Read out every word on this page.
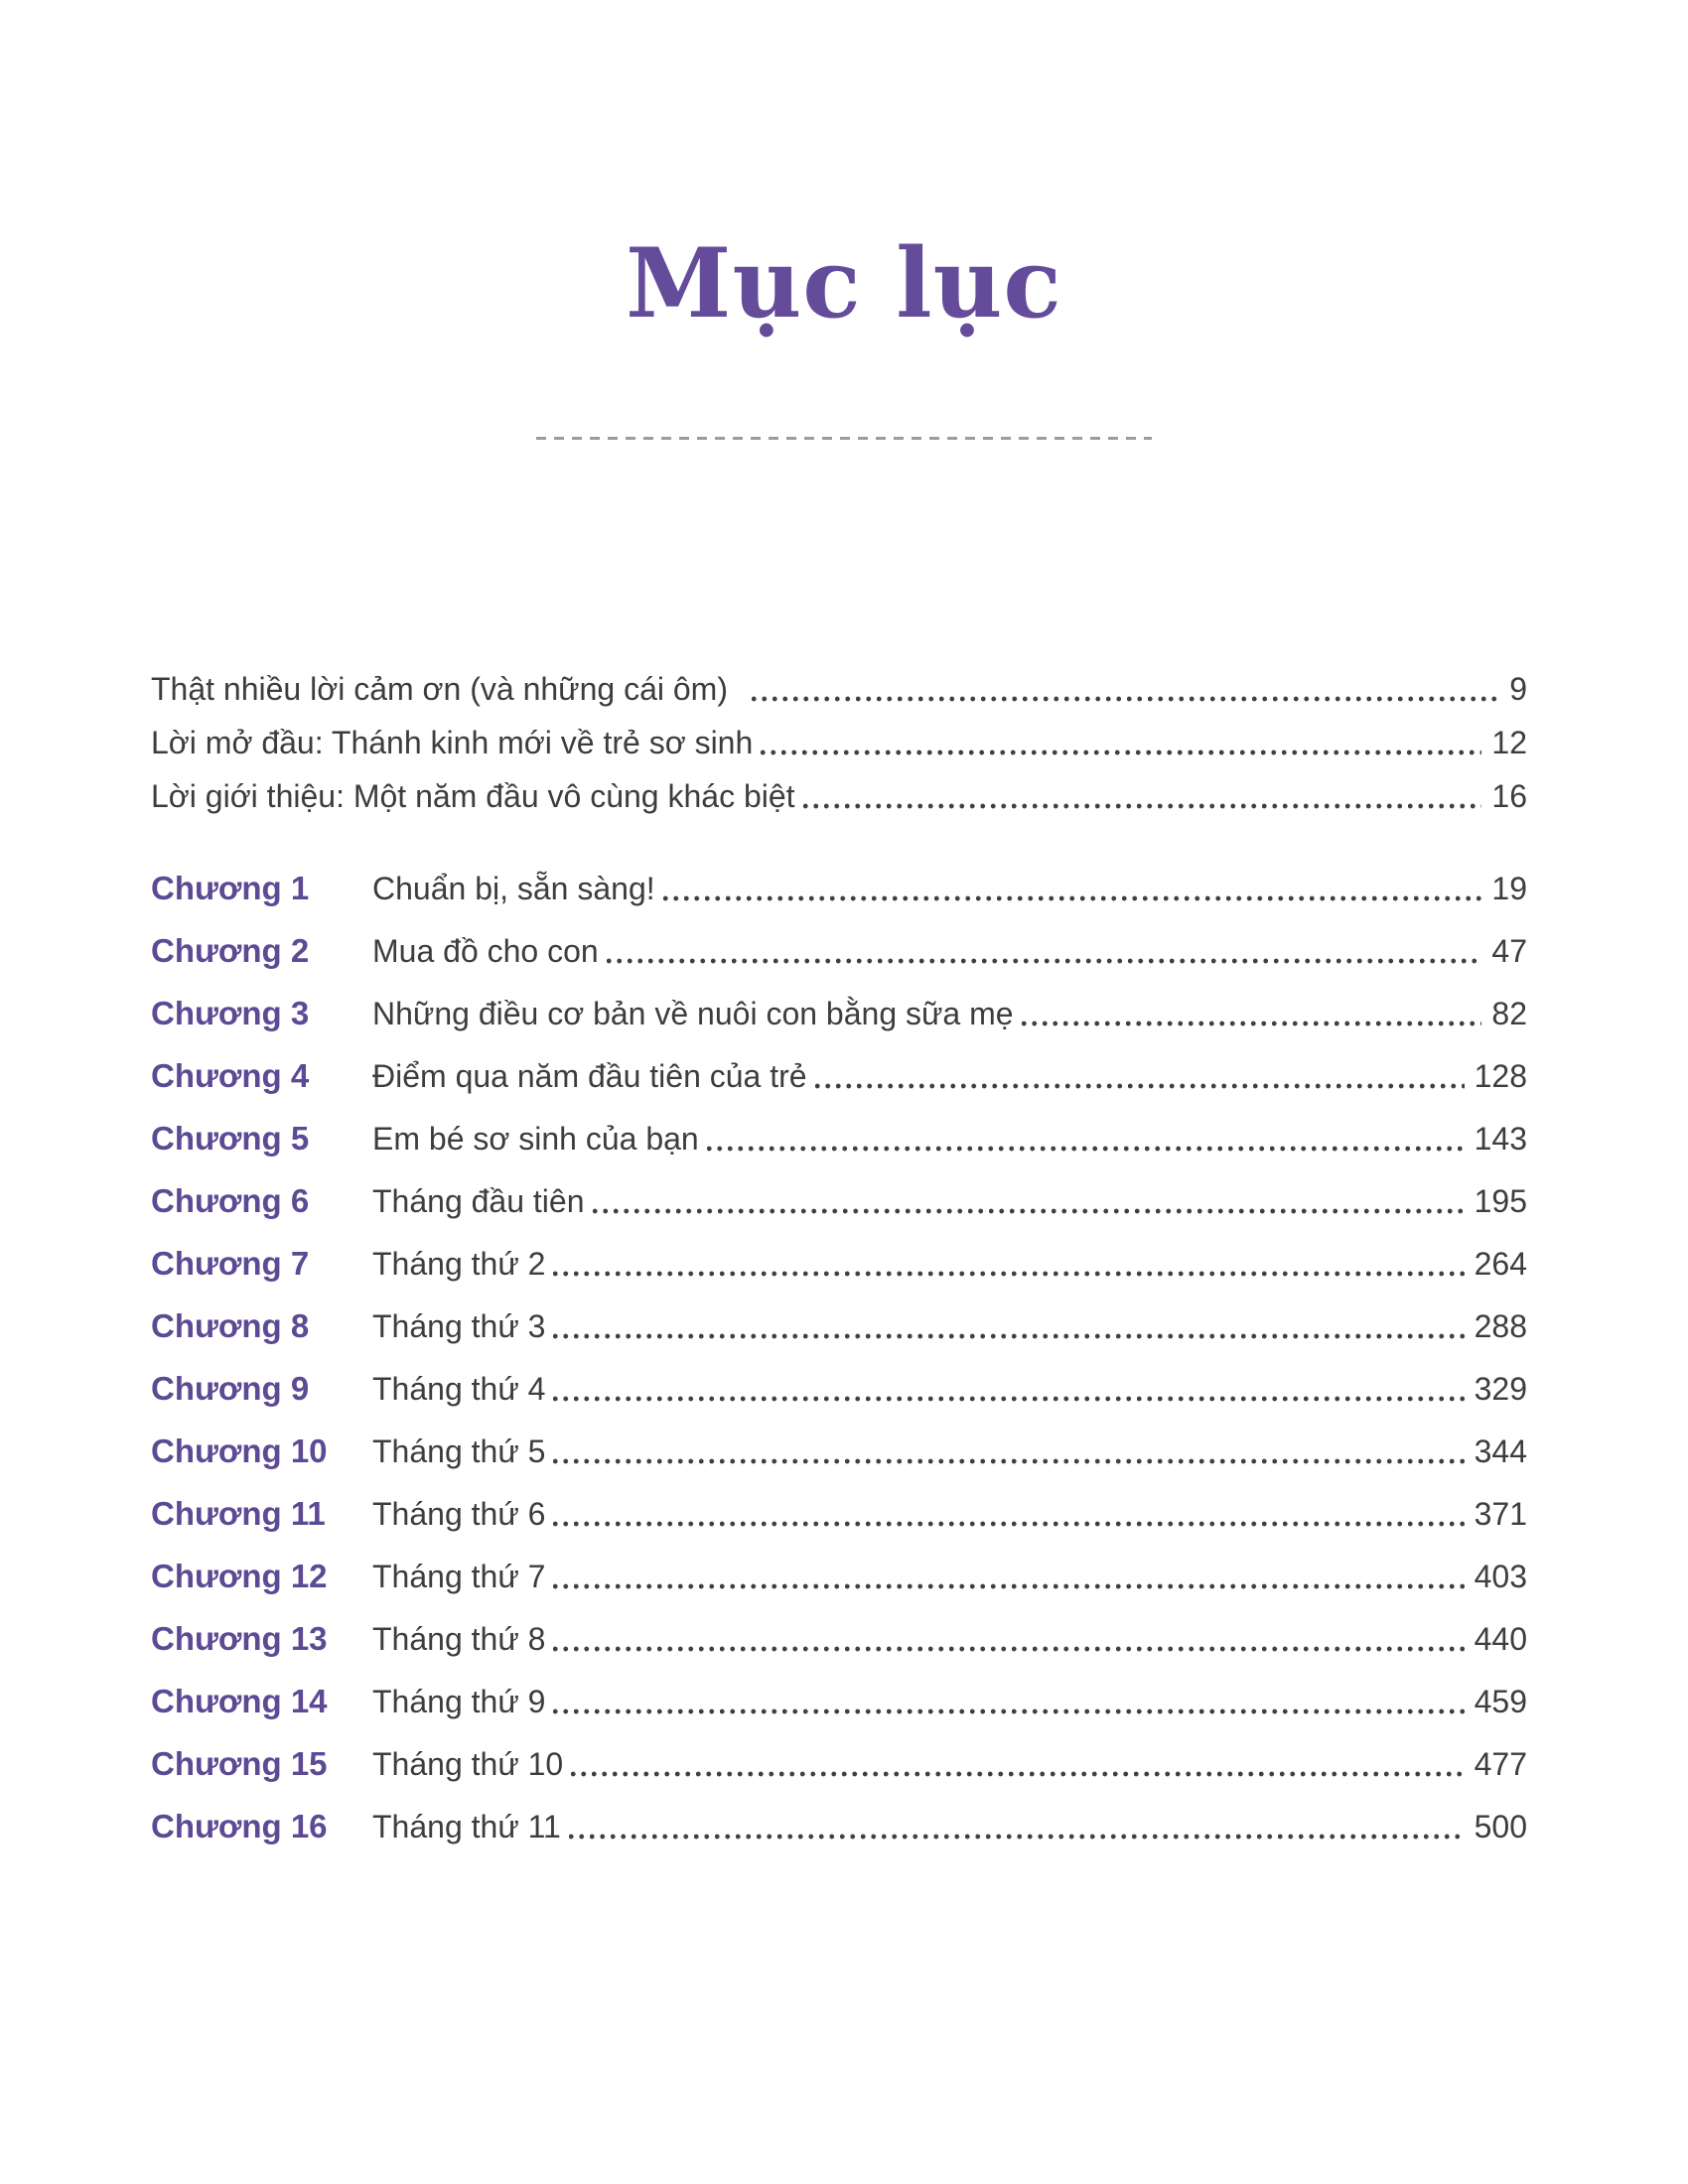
Mục lục
Thật nhiều lời cảm ơn (và những cái ôm)	9
Lời mở đầu: Thánh kinh mới về trẻ sơ sinh	12
Lời giới thiệu: Một năm đầu vô cùng khác biệt	16
Chương 1	Chuẩn bị, sẵn sàng!	19
Chương 2	Mua đồ cho con	47
Chương 3	Những điều cơ bản về nuôi con bằng sữa mẹ	82
Chương 4	Điểm qua năm đầu tiên của trẻ	128
Chương 5	Em bé sơ sinh của bạn	143
Chương 6	Tháng đầu tiên	195
Chương 7	Tháng thứ 2	264
Chương 8	Tháng thứ 3	288
Chương 9	Tháng thứ 4	329
Chương 10	Tháng thứ 5	344
Chương 11	Tháng thứ 6	371
Chương 12	Tháng thứ 7	403
Chương 13	Tháng thứ 8	440
Chương 14	Tháng thứ 9	459
Chương 15	Tháng thứ 10	477
Chương 16	Tháng thứ 11	500
